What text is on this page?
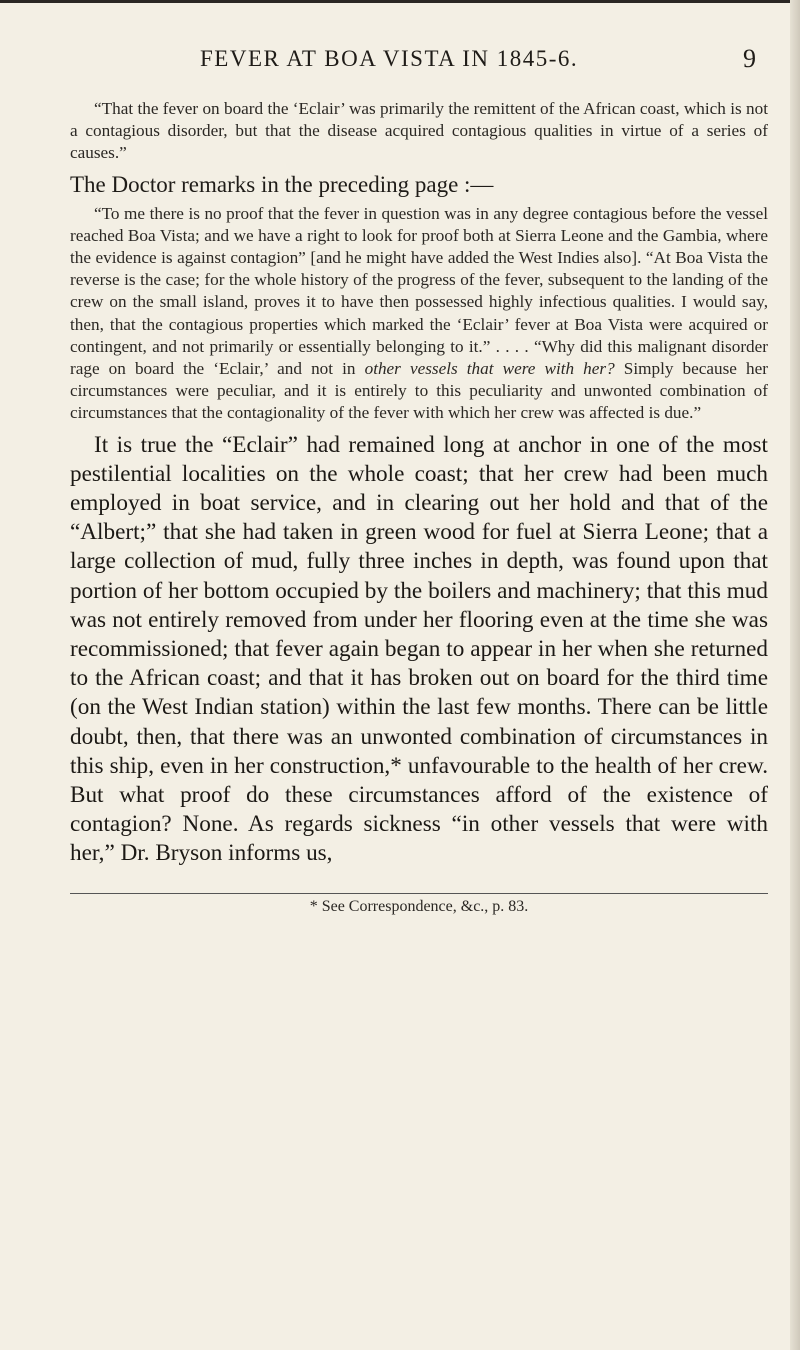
FEVER AT BOA VISTA IN 1845-6.	9

“That the fever on board the ‘Eclair’ was primarily the remittent of the African coast, which is not a contagious disorder, but that the disease acquired contagious qualities in virtue of a series of causes.”

The Doctor remarks in the preceding page :—

“To me there is no proof that the fever in question was in any degree contagious before the vessel reached Boa Vista; and we have a right to look for proof both at Sierra Leone and the Gambia, where the evidence is against contagion” [and he might have added the West Indies also]. “At Boa Vista the reverse is the case; for the whole history of the progress of the fever, subsequent to the landing of the crew on the small island, proves it to have then possessed highly infectious qualities. I would say, then, that the contagious properties which marked the ‘Eclair’ fever at Boa Vista were acquired or contingent, and not primarily or essentially belonging to it.” . . . . “Why did this malignant disorder rage on board the ‘Eclair,’ and not in other vessels that were with her? Simply because her circumstances were peculiar, and it is entirely to this peculiarity and unwonted combination of circumstances that the contagionality of the fever with which her crew was affected is due.”

It is true the “Eclair” had remained long at anchor in one of the most pestilential localities on the whole coast; that her crew had been much employed in boat service, and in clearing out her hold and that of the “Albert;” that she had taken in green wood for fuel at Sierra Leone; that a large collection of mud, fully three inches in depth, was found upon that portion of her bottom occupied by the boilers and machinery; that this mud was not entirely removed from under her flooring even at the time she was recommissioned; that fever again began to appear in her when she returned to the African coast; and that it has broken out on board for the third time (on the West Indian station) within the last few months. There can be little doubt, then, that there was an unwonted combination of circumstances in this ship, even in her construction,* unfavourable to the health of her crew. But what proof do these circumstances afford of the existence of contagion? None. As regards sickness “in other vessels that were with her,” Dr. Bryson informs us,

* See Correspondence, &c., p. 83.
